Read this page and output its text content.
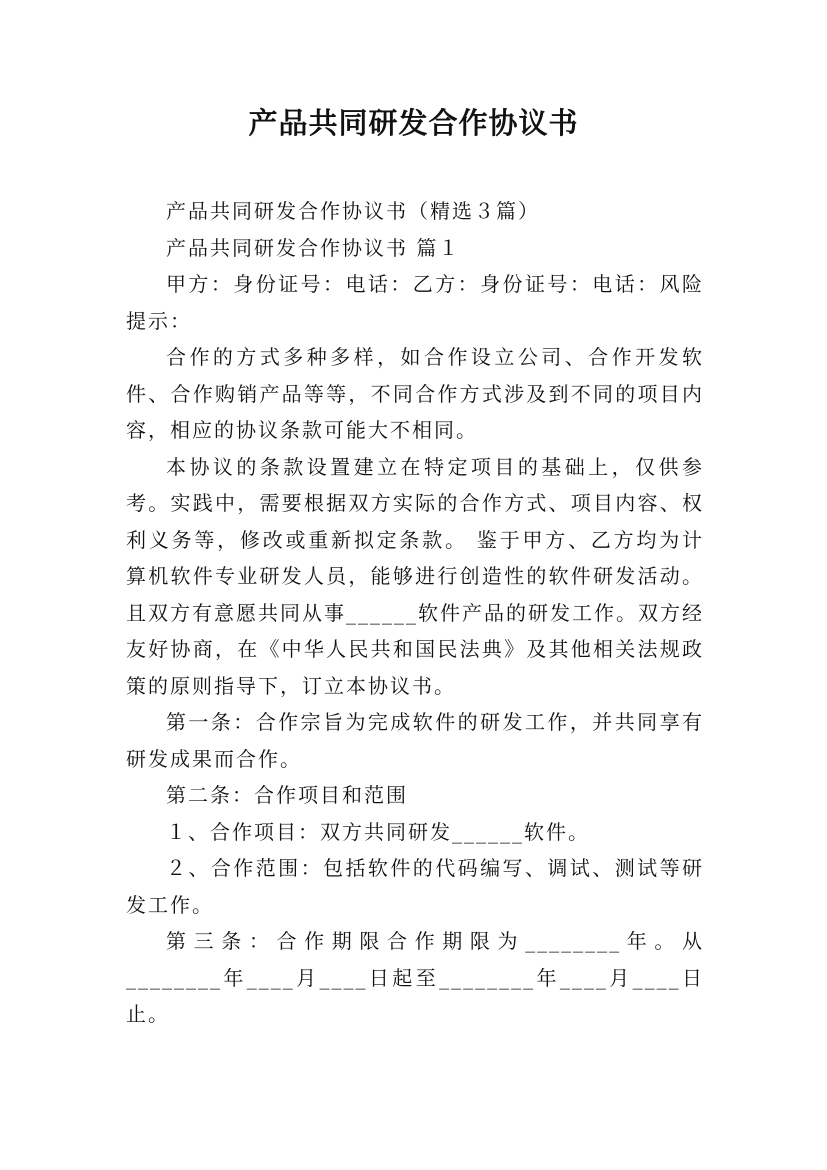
产品共同研发合作协议书

产品共同研发合作协议书（精选３篇）

产品共同研发合作协议书 篇１

甲方：身份证号：电话：乙方：身份证号：电话：风险提示：

合作的方式多种多样，如合作设立公司、合作开发软件、合作购销产品等等，不同合作方式涉及到不同的项目内容，相应的协议条款可能大不相同。

本协议的条款设置建立在特定项目的基础上，仅供参考。实践中，需要根据双方实际的合作方式、项目内容、权利义务等，修改或重新拟定条款。 鉴于甲方、乙方均为计算机软件专业研发人员，能够进行创造性的软件研发活动。且双方有意愿共同从事______软件产品的研发工作。双方经友好协商，在《中华人民共和国民法典》及其他相关法规政策的原则指导下，订立本协议书。

第一条：合作宗旨为完成软件的研发工作，并共同享有研发成果而合作。

第二条：合作项目和范围

１、合作项目：双方共同研发______软件。

２、合作范围：包括软件的代码编写、调试、测试等研发工作。

第三条：合作期限合作期限为________年。从________年____月____日起至________年____月____日止。
